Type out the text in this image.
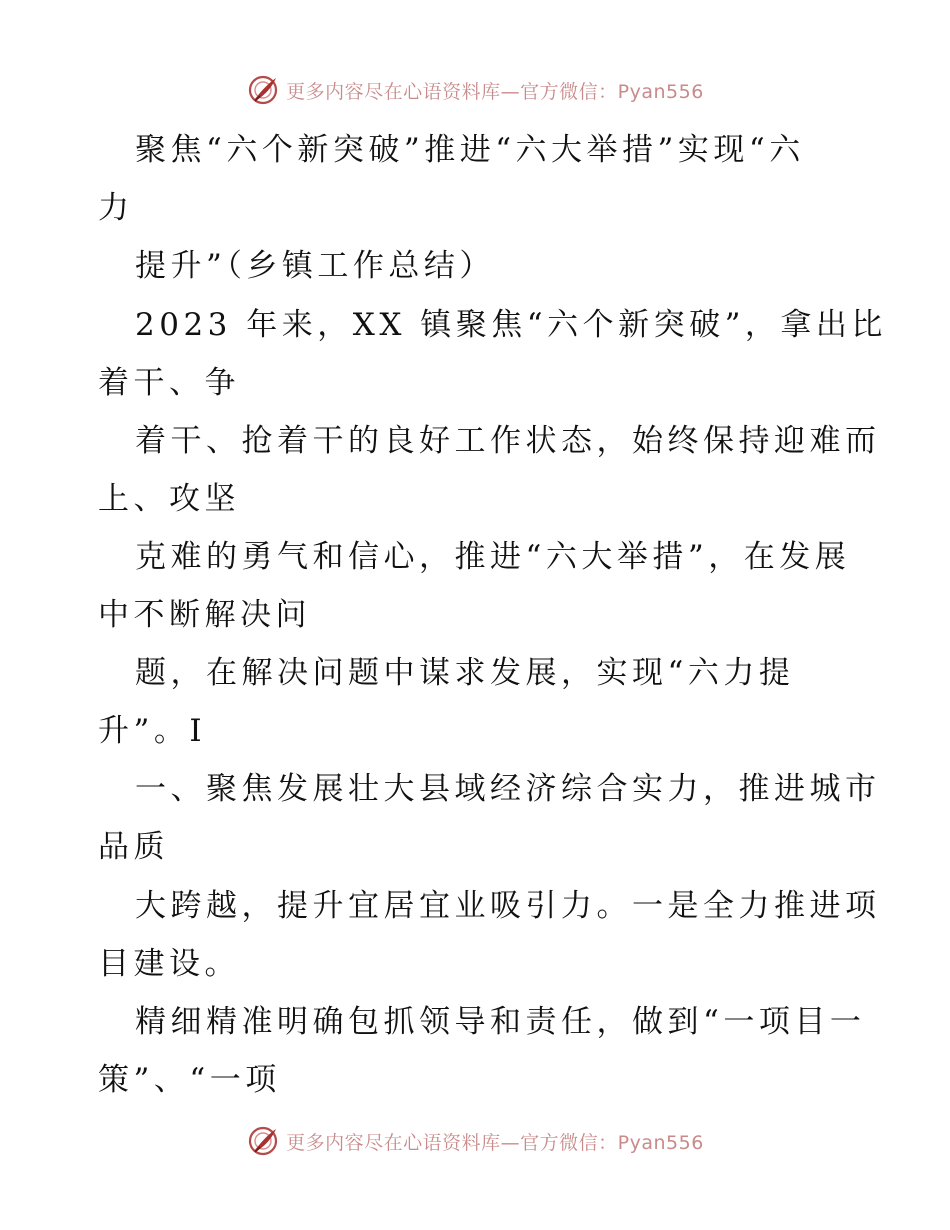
更多内容尽在心语资料库—官方微信：Pyan556
聚焦“六个新突破”推进“六大举措”实现“六
力
提升”（乡镇工作总结）
2023 年来，XX 镇聚焦“六个新突破”，拿出比
着干、争
着干、抢着干的良好工作状态，始终保持迎难而
上、攻坚
克难的勇气和信心，推进“六大举措”，在发展
中不断解决问
题，在解决问题中谋求发展，实现“六力提
升”。I
一、聚焦发展壮大县域经济综合实力，推进城市
品质
大跨越，提升宜居宜业吸引力。一是全力推进项
目建设。
精细精准明确包抓领导和责任，做到“一项目一
策”、“一项
更多内容尽在心语资料库—官方微信：Pyan556
